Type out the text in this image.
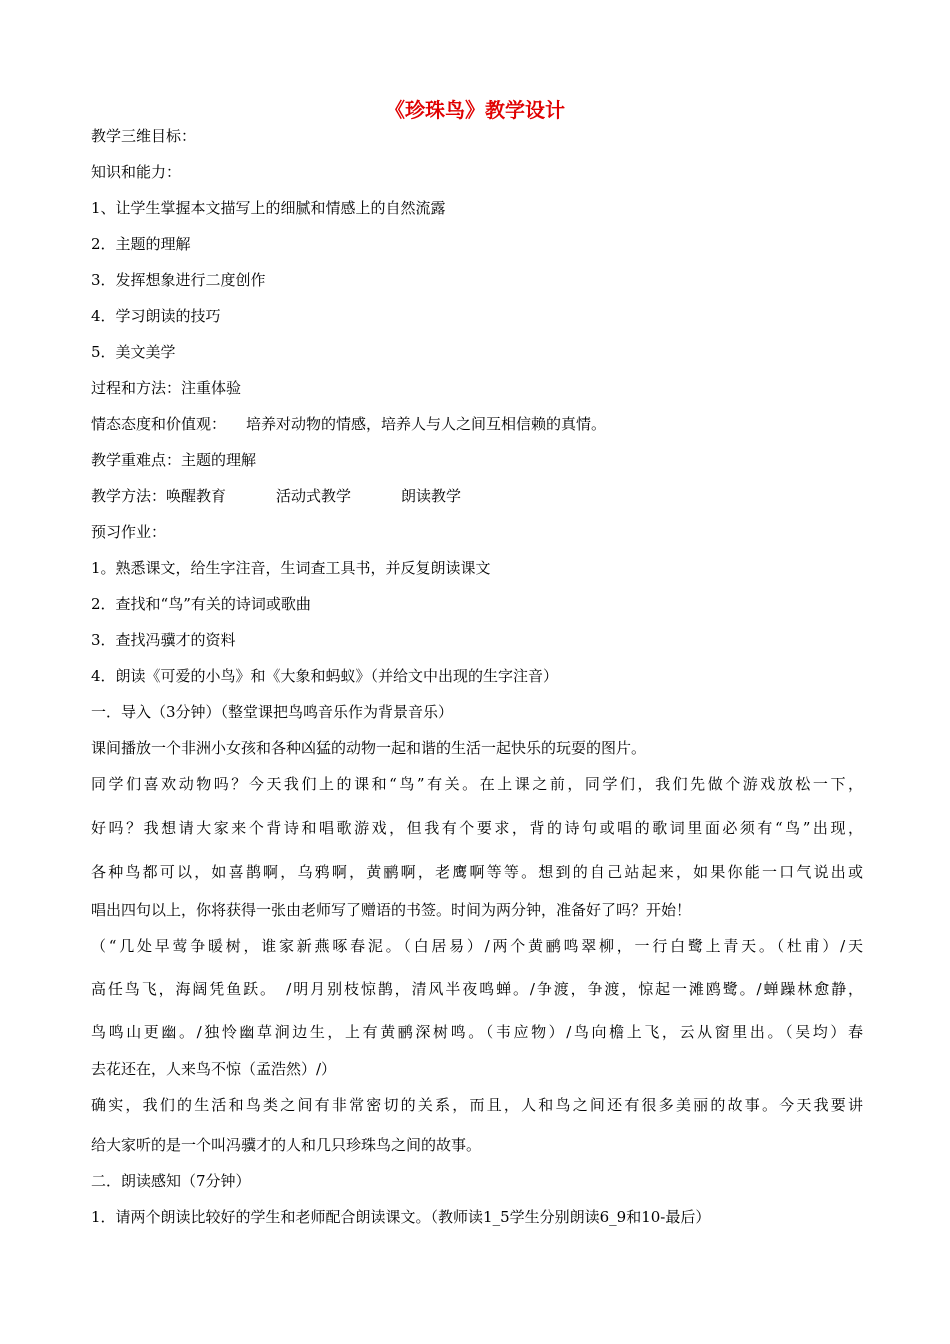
《珍珠鸟》教学设计
教学三维目标：
知识和能力：
1、让学生掌握本文描写上的细腻和情感上的自然流露
2．主题的理解
3．发挥想象进行二度创作
4．学习朗读的技巧
5．美文美学
过程和方法：注重体验
情态态度和价值观： 培养对动物的情感，培养人与人之间互相信赖的真情。
教学重难点：主题的理解
教学方法：唤醒教育	活动式教学	朗读教学
预习作业：
1。熟悉课文，给生字注音，生词查工具书，并反复朗读课文
2．查找和“鸟”有关的诗词或歌曲
3．查找冯骥才的资料
4．朗读《可爱的小鸟》和《大象和蚂蚁》（并给文中出现的生字注音）
一．导入（3分钟）（整堂课把鸟鸣音乐作为背景音乐）
课间播放一个非洲小女孩和各种凶猛的动物一起和谐的生活一起快乐的玩耍的图片。
同学们喜欢动物吗？今天我们上的课和“鸟”有关。在上课之前，同学们，我们先做个游戏放松一下，
好吗？我想请大家来个背诗和唱歌游戏，但我有个要求，背的诗句或唱的歌词里面必须有“鸟”出现，
各种鸟都可以，如喜鹊啊，乌鸦啊，黄鹂啊，老鹰啊等等。想到的自己站起来，如果你能一口气说出或
唱出四句以上，你将获得一张由老师写了赠语的书签。时间为两分钟，准备好了吗？开始！
（“几处早莺争暖树，谁家新燕啄春泥。（白居易）/两个黄鹂鸣翠柳，一行白鹭上青天。（杜甫）/天
高任鸟飞，海阔凭鱼跃。　/明月别枝惊鹊，清风半夜鸣蝉。/争渡，争渡，惊起一滩鸥鹭。/蝉躁林愈静，
鸟鸣山更幽。/独怜幽草涧边生，上有黄鹂深树鸣。（韦应物）/鸟向檐上飞，云从窗里出。（吴均）春
去花还在，人来鸟不惊（孟浩然）/）
确实，我们的生活和鸟类之间有非常密切的关系，而且，人和鸟之间还有很多美丽的故事。今天我要讲
给大家听的是一个叫冯骥才的人和几只珍珠鸟之间的故事。
二．朗读感知（7分钟）
1．请两个朗读比较好的学生和老师配合朗读课文。（教师读1_5学生分别朗读6_9和10-最后）
